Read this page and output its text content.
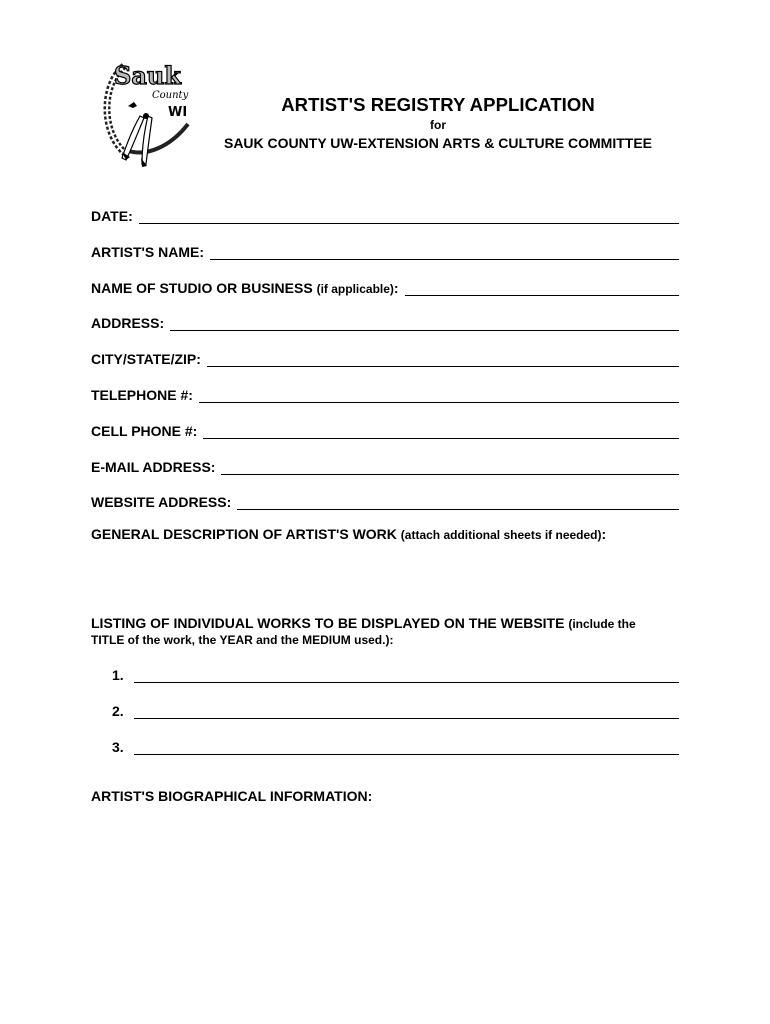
Sauk
County
WI	ARTIST'S REGISTRY APPLICATION
for
SAUK COUNTY UW-EXTENSION ARTS & CULTURE COMMITTEE
DATE:
ARTIST'S NAME:
NAME OF STUDIO OR BUSINESS (if applicable):
ADDRESS:
CITY/STATE/ZIP:
TELEPHONE #:
CELL PHONE #:
E-MAIL ADDRESS:
WEBSITE ADDRESS:
GENERAL DESCRIPTION OF ARTIST'S WORK (attach additional sheets if needed):
LISTING OF INDIVIDUAL WORKS TO BE DISPLAYED ON THE WEBSITE (include the
TITLE of the work, the YEAR and the MEDIUM used.):
1.
2.
3.
ARTIST'S BIOGRAPHICAL INFORMATION:
